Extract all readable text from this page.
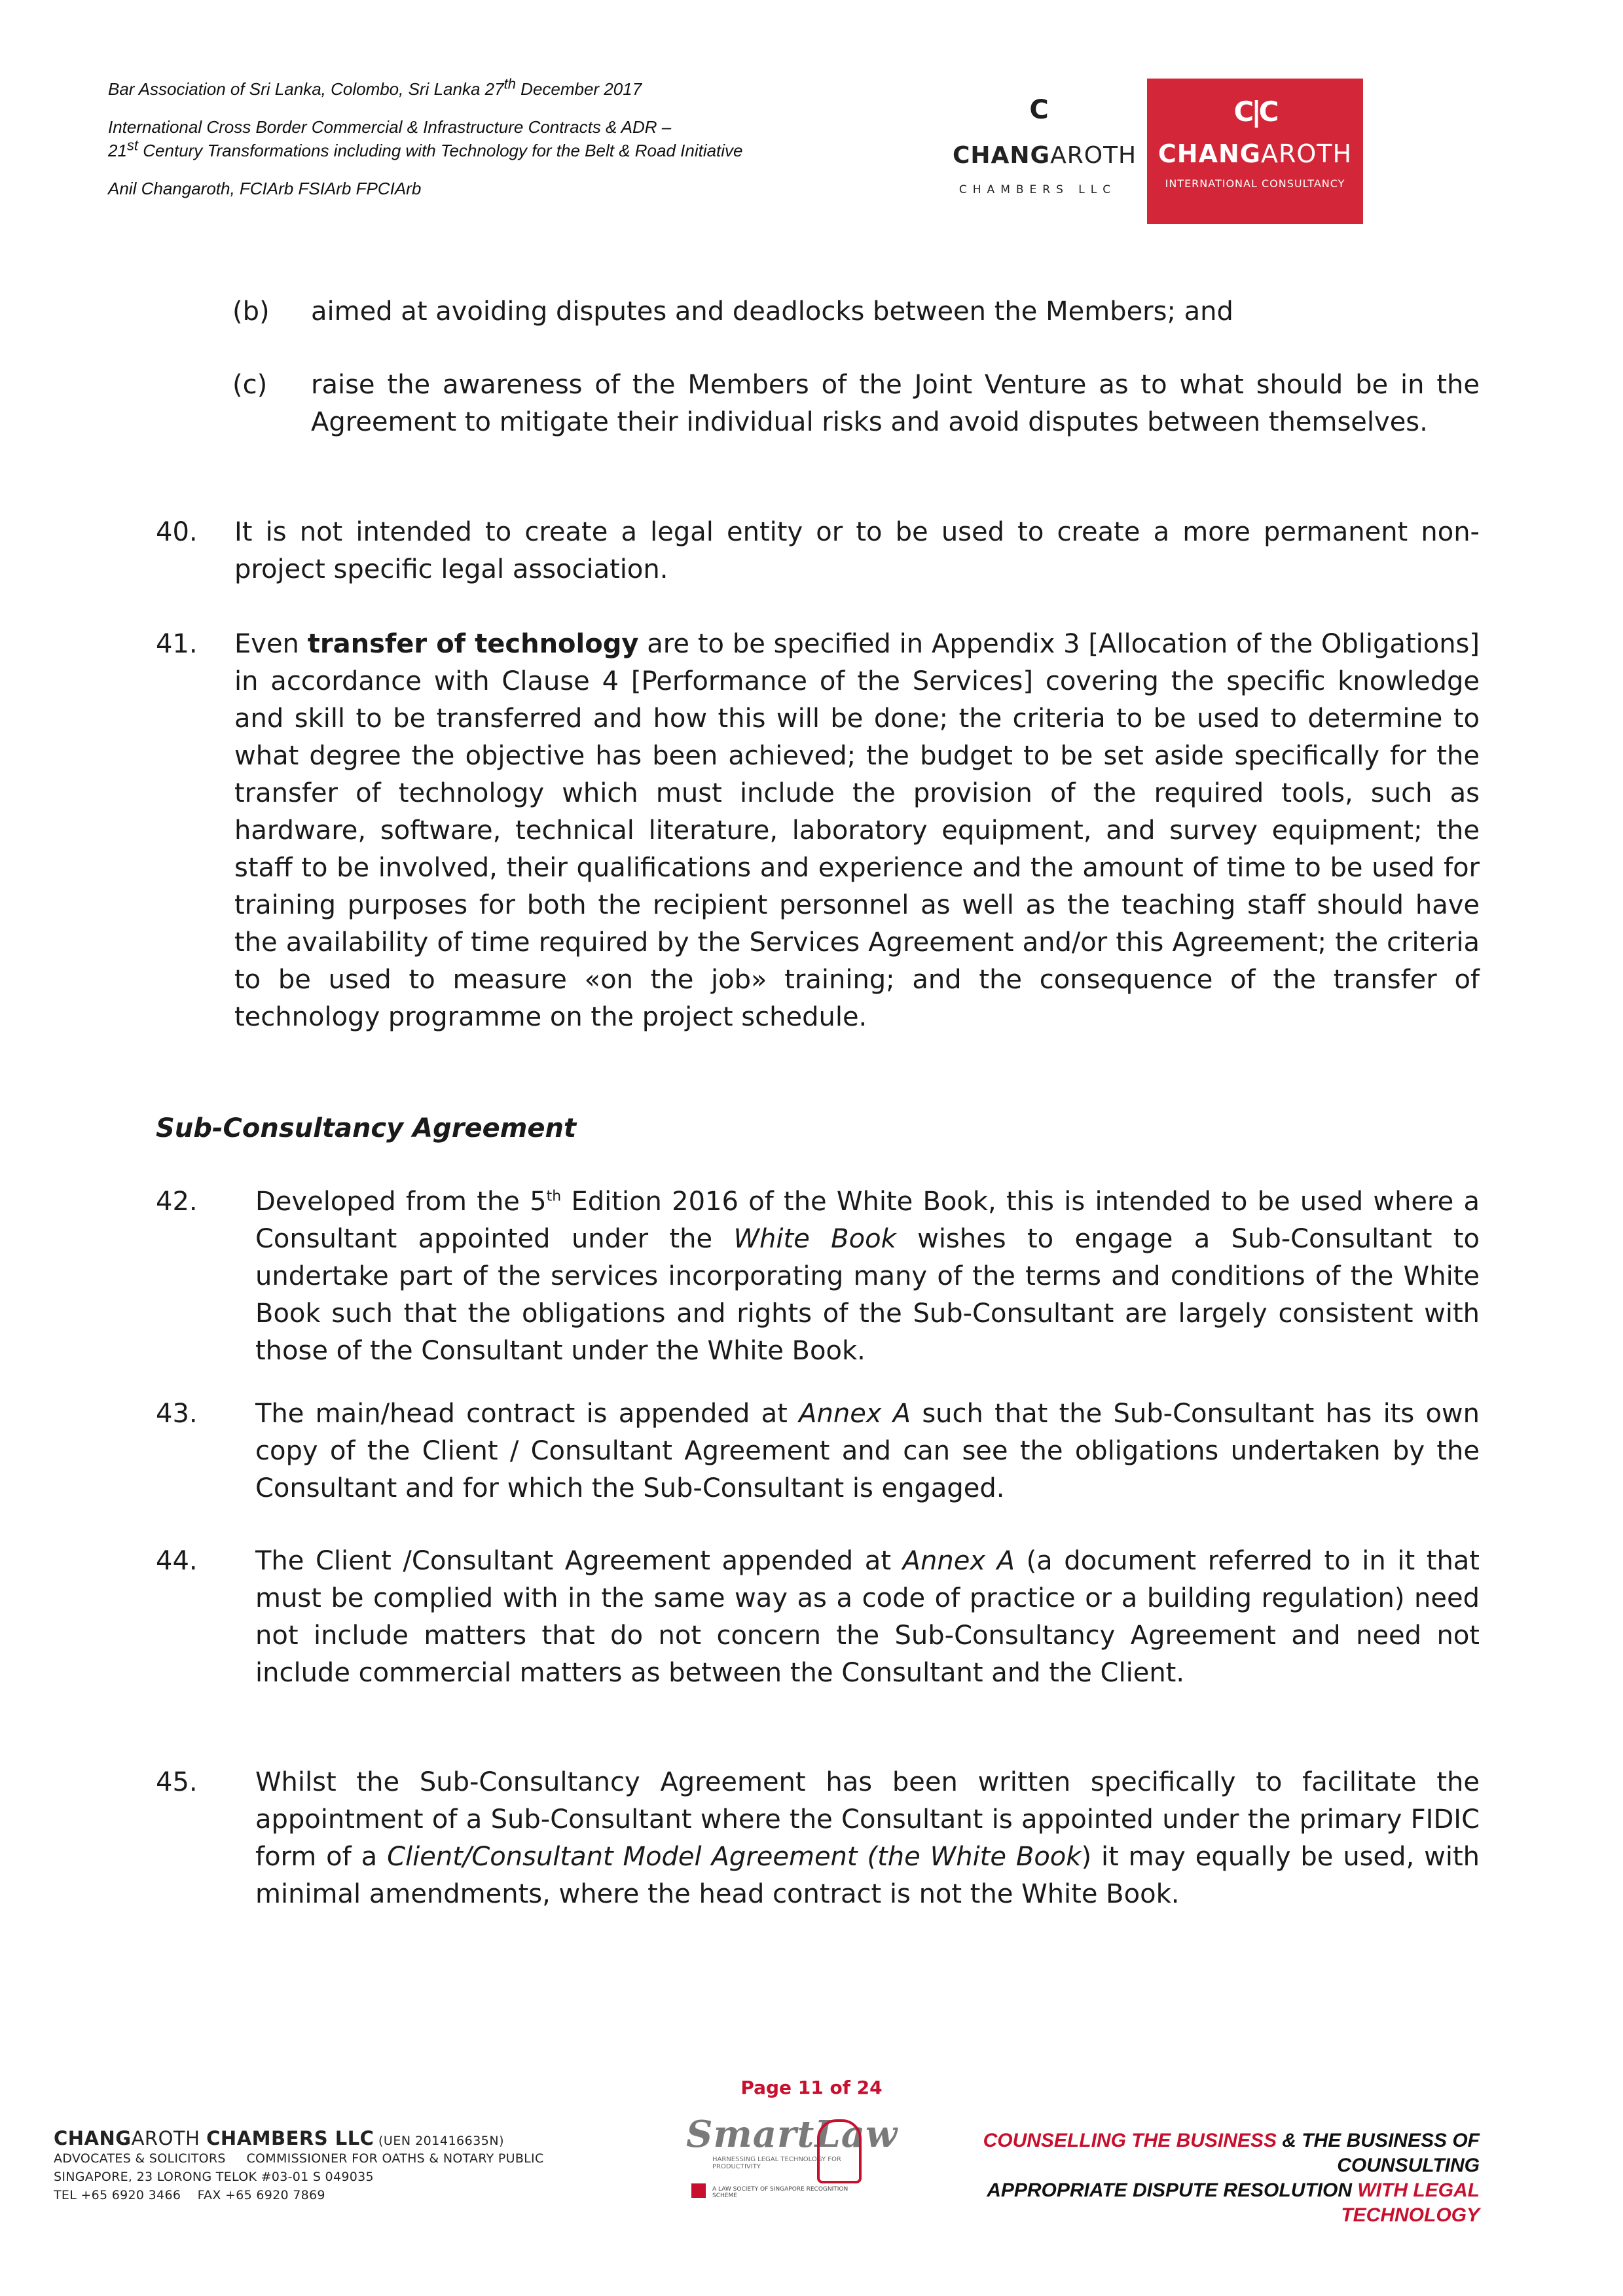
Bar Association of Sri Lanka, Colombo, Sri Lanka 27th December 2017
International Cross Border Commercial & Infrastructure Contracts & ADR –
21st Century Transformations including with Technology for the Belt & Road Initiative
Anil Changaroth, FCIArb FSIArb FPCIArb
C
CHANGAROTH
CHAMBERS LLC
C|C
CHANGAROTH
INTERNATIONAL CONSULTANCY
(b) aimed at avoiding disputes and deadlocks between the Members; and
(c) raise the awareness of the Members of the Joint Venture as to what should be in the Agreement to mitigate their individual risks and avoid disputes between themselves.
40. It is not intended to create a legal entity or to be used to create a more permanent non-project specific legal association.
41. Even transfer of technology are to be specified in Appendix 3 [Allocation of the Obligations] in accordance with Clause 4 [Performance of the Services] covering the specific knowledge and skill to be transferred and how this will be done; the criteria to be used to determine to what degree the objective has been achieved; the budget to be set aside specifically for the transfer of technology which must include the provision of the required tools, such as hardware, software, technical literature, laboratory equipment, and survey equipment; the staff to be involved, their qualifications and experience and the amount of time to be used for training purposes for both the recipient personnel as well as the teaching staff should have the availability of time required by the Services Agreement and/or this Agreement; the criteria to be used to measure «on the job» training; and the consequence of the transfer of technology programme on the project schedule.
Sub-Consultancy Agreement
42. Developed from the 5th Edition 2016 of the White Book, this is intended to be used where a Consultant appointed under the White Book wishes to engage a Sub-Consultant to undertake part of the services incorporating many of the terms and conditions of the White Book such that the obligations and rights of the Sub-Consultant are largely consistent with those of the Consultant under the White Book.
43. The main/head contract is appended at Annex A such that the Sub-Consultant has its own copy of the Client / Consultant Agreement and can see the obligations undertaken by the Consultant and for which the Sub-Consultant is engaged.
44. The Client /Consultant Agreement appended at Annex A (a document referred to in it that must be complied with in the same way as a code of practice or a building regulation) need not include matters that do not concern the Sub-Consultancy Agreement and need not include commercial matters as between the Consultant and the Client.
45. Whilst the Sub-Consultancy Agreement has been written specifically to facilitate the appointment of a Sub-Consultant where the Consultant is appointed under the primary FIDIC form of a Client/Consultant Model Agreement (the White Book) it may equally be used, with minimal amendments, where the head contract is not the White Book.
Page 11 of 24
CHANGAROTH CHAMBERS LLC (UEN 201416635N)
ADVOCATES & SOLICITORS     COMMISSIONER FOR OATHS & NOTARY PUBLIC
SINGAPORE, 23 LORONG TELOK #03-01 S 049035
TEL +65 6920 3466    FAX +65 6920 7869
SmartLaw
HARNESSING LEGAL TECHNOLOGY FOR PRODUCTIVITY
A LAW SOCIETY OF SINGAPORE RECOGNITION SCHEME
COUNSELLING THE BUSINESS & THE BUSINESS OF COUNSULTING
APPROPRIATE DISPUTE RESOLUTION WITH LEGAL TECHNOLOGY
